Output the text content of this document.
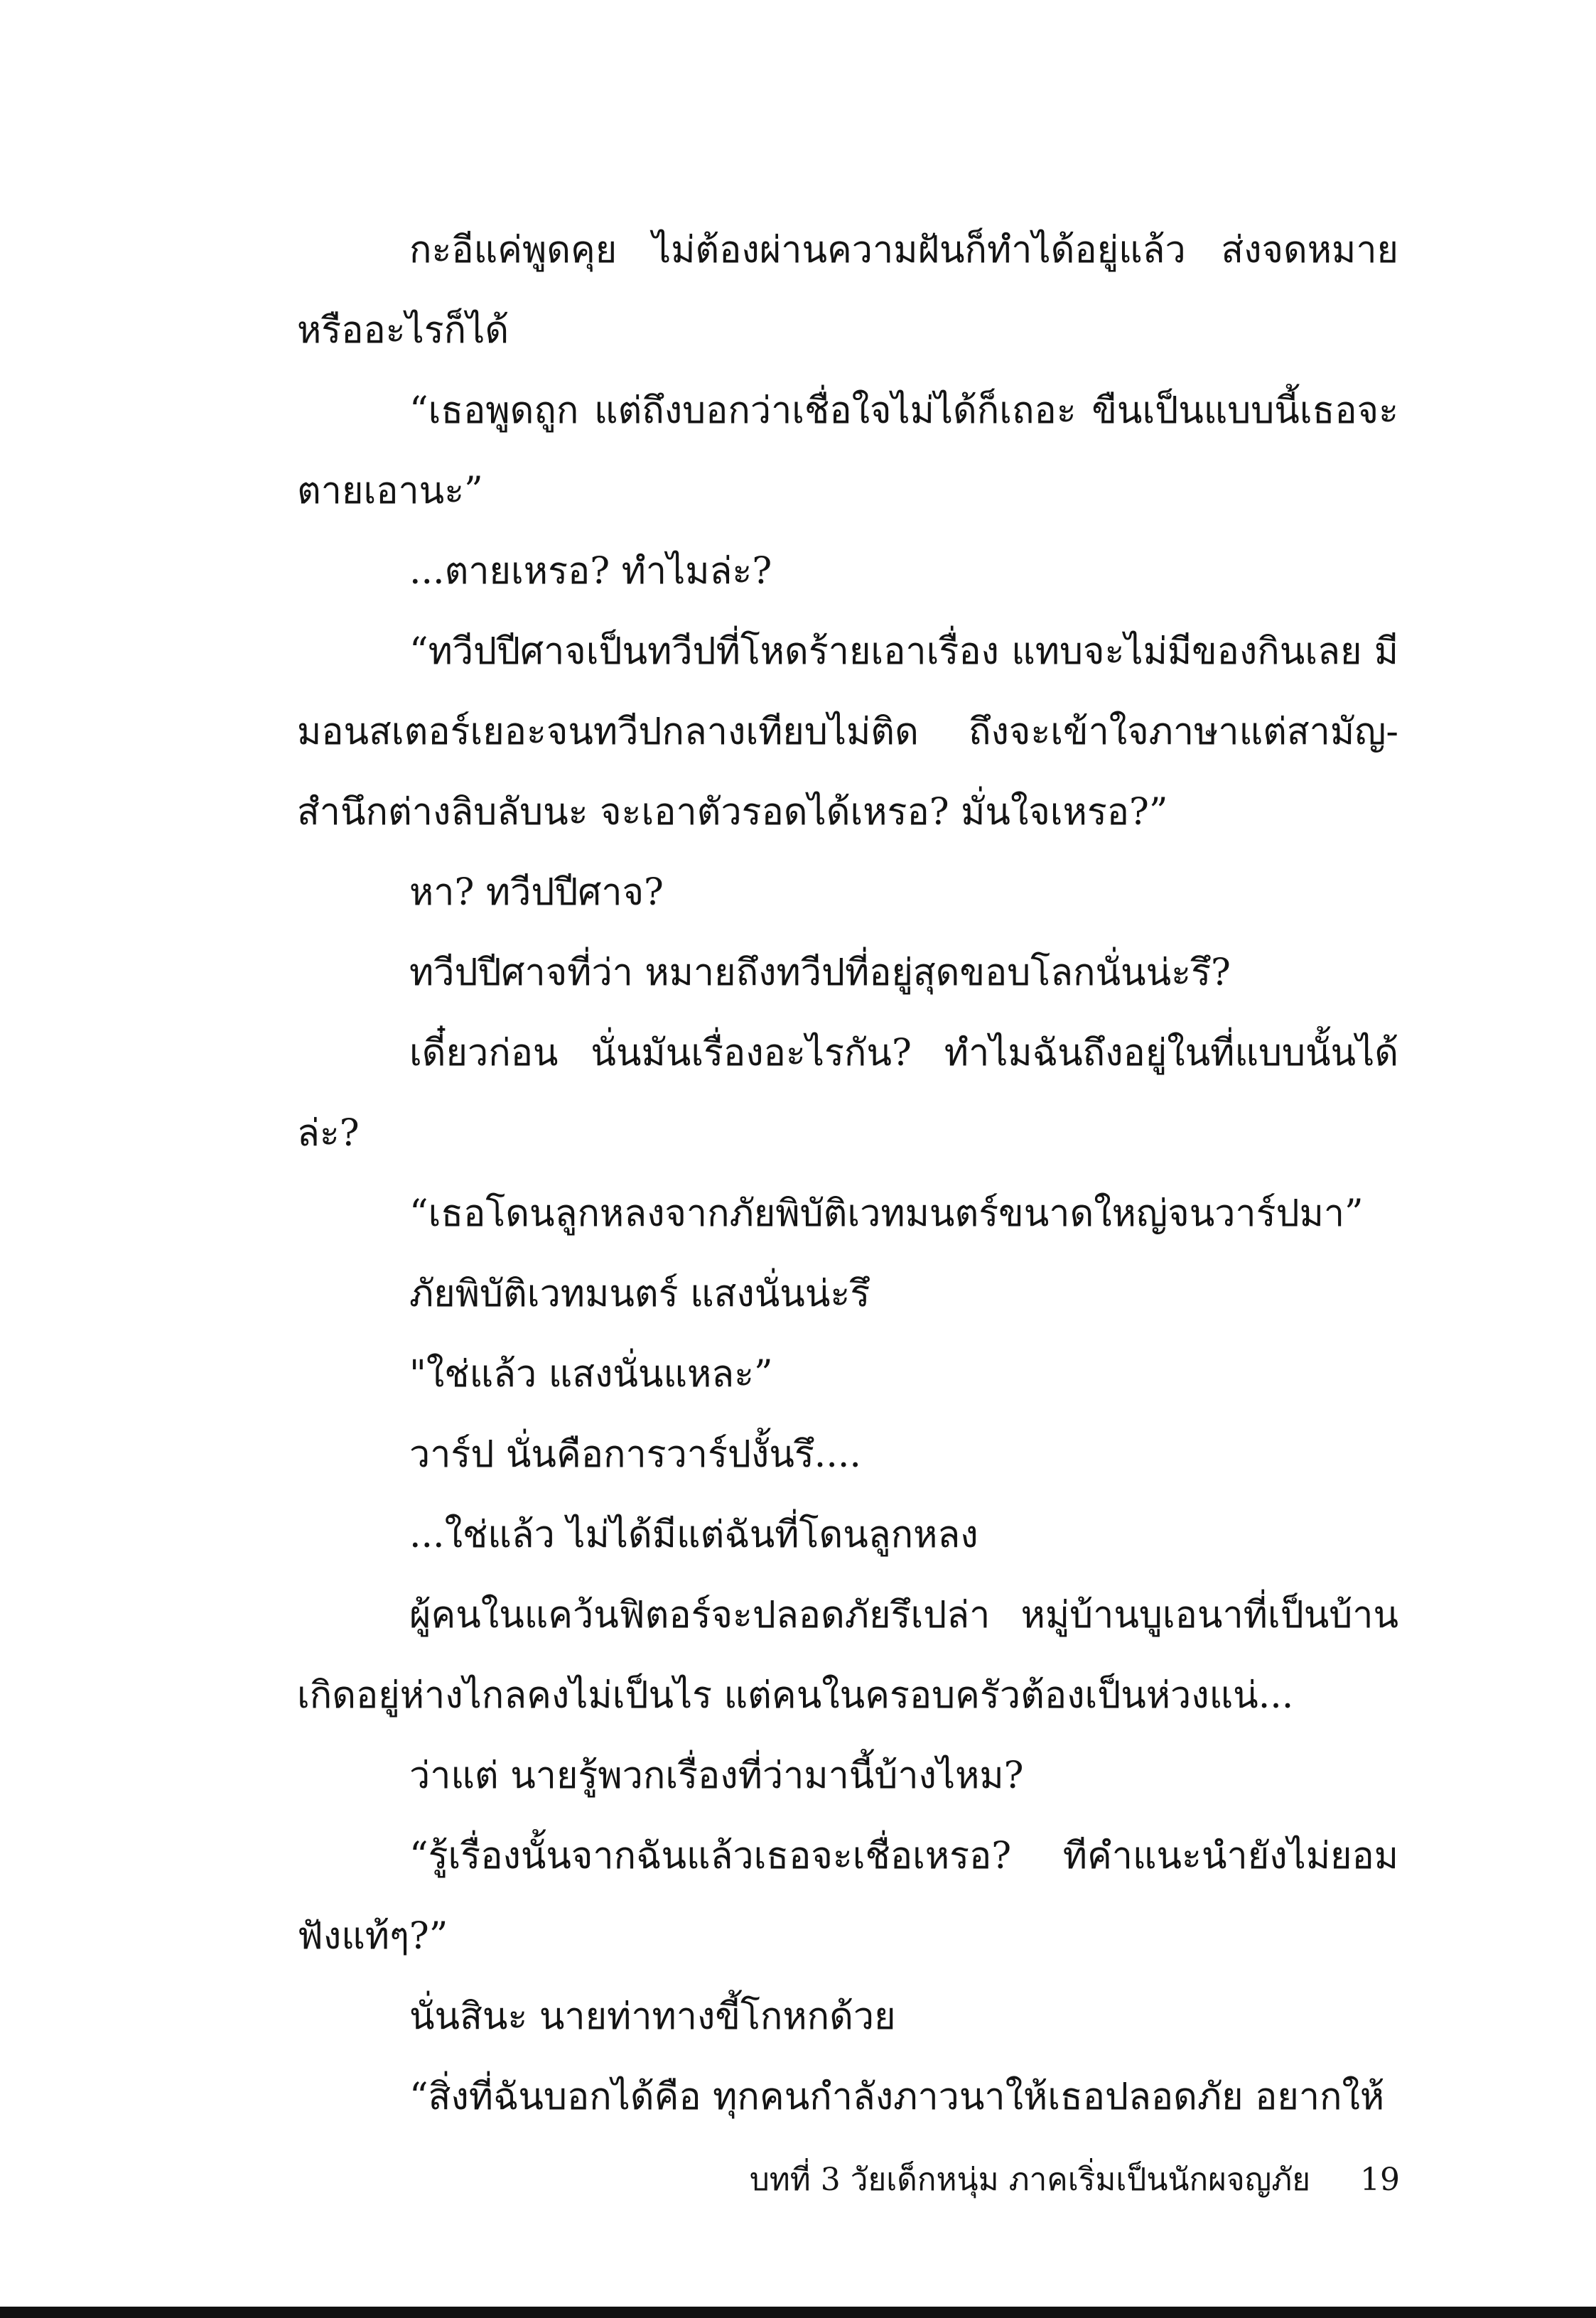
กะอีแค่พูดคุย ไม่ต้องผ่านความฝันก็ทำได้อยู่แล้ว ส่งจดหมายหรืออะไรก็ได้

“เธอพูดถูก แต่ถึงบอกว่าเชื่อใจไม่ได้ก็เถอะ ขืนเป็นแบบนี้เธอจะตายเอานะ”

...ตายเหรอ? ทำไมล่ะ?

“ทวีปปีศาจเป็นทวีปที่โหดร้ายเอาเรื่อง แทบจะไม่มีของกินเลย มีมอนสเตอร์เยอะจนทวีปกลางเทียบไม่ติด ถึงจะเข้าใจภาษาแต่สามัญ-สำนึกต่างลิบลับนะ จะเอาตัวรอดได้เหรอ? มั่นใจเหรอ?”

หา? ทวีปปีศาจ?

ทวีปปีศาจที่ว่า หมายถึงทวีปที่อยู่สุดขอบโลกนั่นน่ะรึ?

เดี๋ยวก่อน นั่นมันเรื่องอะไรกัน? ทำไมฉันถึงอยู่ในที่แบบนั้นได้ล่ะ?

“เธอโดนลูกหลงจากภัยพิบัติเวทมนตร์ขนาดใหญ่จนวาร์ปมา”

ภัยพิบัติเวทมนตร์ แสงนั่นน่ะรึ

"ใช่แล้ว แสงนั่นแหละ”

วาร์ป นั่นคือการวาร์ปงั้นรึ....

...ใช่แล้ว ไม่ได้มีแต่ฉันที่โดนลูกหลง

ผู้คนในแคว้นฟิตอร์จะปลอดภัยรึเปล่า หมู่บ้านบูเอนาที่เป็นบ้านเกิดอยู่ห่างไกลคงไม่เป็นไร แต่คนในครอบครัวต้องเป็นห่วงแน่...

ว่าแต่ นายรู้พวกเรื่องที่ว่ามานี้บ้างไหม?

“รู้เรื่องนั้นจากฉันแล้วเธอจะเชื่อเหรอ? ทีคำแนะนำยังไม่ยอมฟังแท้ๆ?”

นั่นสินะ นายท่าทางขี้โกหกด้วย

“สิ่งที่ฉันบอกได้คือ ทุกคนกำลังภาวนาให้เธอปลอดภัย อยากให้

บทที่ 3 วัยเด็กหนุ่ม ภาคเริ่มเป็นนักผจญภัย 19
